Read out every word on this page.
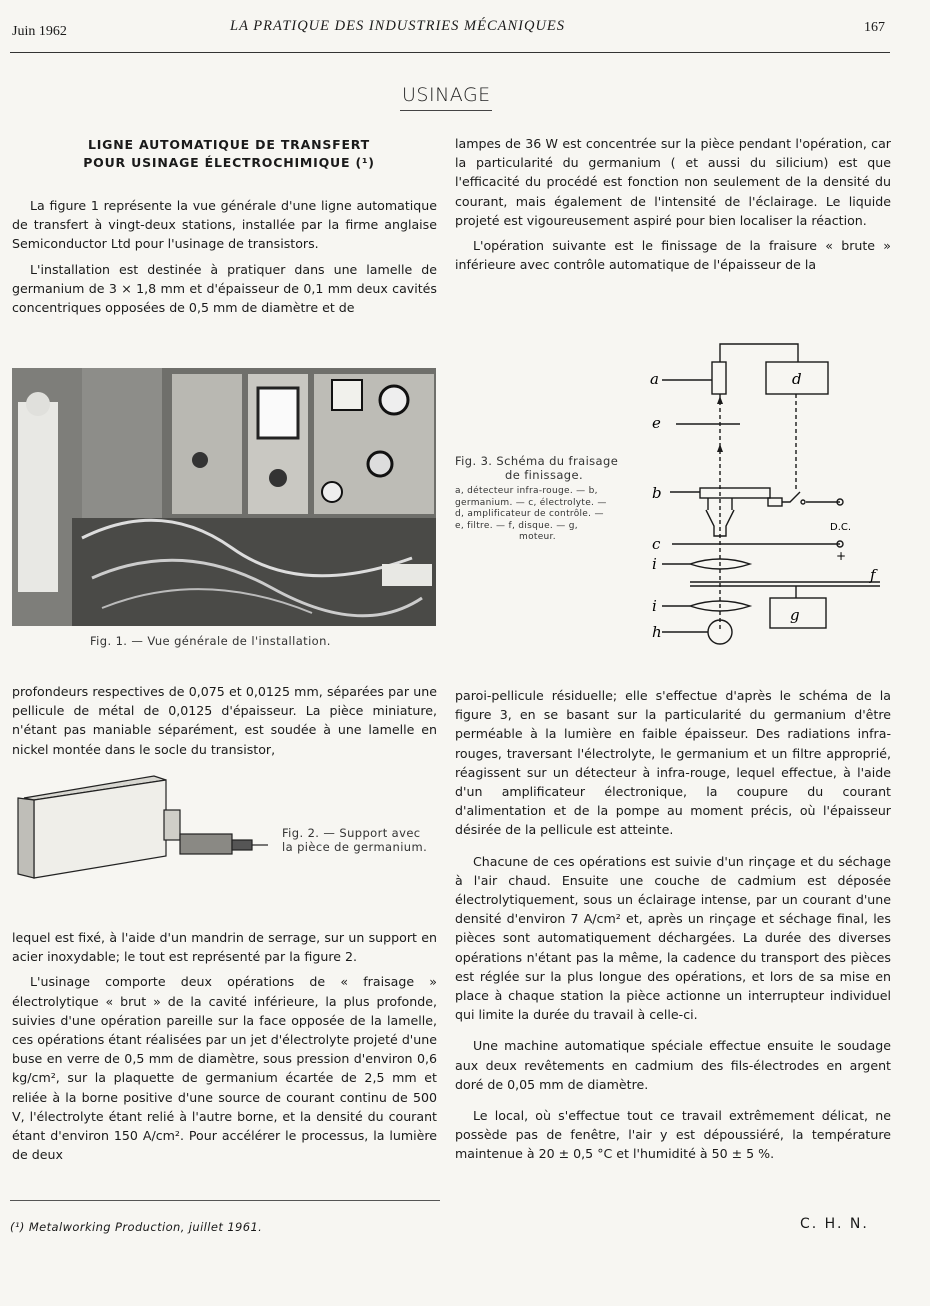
Juin 1962	LA PRATIQUE DES INDUSTRIES MÉCANIQUES	167
USINAGE
LIGNE AUTOMATIQUE DE TRANSFERT
POUR USINAGE ÉLECTROCHIMIQUE (¹)

La figure 1 représente la vue générale d'une ligne automatique de transfert à vingt-deux stations, installée par la firme anglaise Semiconductor Ltd pour l'usinage de transistors.

L'installation est destinée à pratiquer dans une lamelle de germanium de 3 × 1,8 mm et d'épaisseur de 0,1 mm deux cavités concentriques opposées de 0,5 mm de diamètre et de

lampes de 36 W est concentrée sur la pièce pendant l'opération, car la particularité du germanium ( et aussi du silicium) est que l'efficacité du procédé est fonction non seulement de la densité du courant, mais également de l'intensité de l'éclairage. Le liquide projeté est vigoureusement aspiré pour bien localiser la réaction.

L'opération suivante est le finissage de la fraisure « brute » inférieure avec contrôle automatique de l'épaisseur de la

Fig. 1. — Vue générale de l'installation.
Fig. 3. Schéma du fraisage
de finissage.
a, détecteur infra-rouge. — b,
germanium. — c, électrolyte. —
d, amplificateur de contrôle. —
e, filtre. — f, disque. — g,
moteur.
a	d
e
b
D.C.
+
c
i
f
g
i
h

profondeurs respectives de 0,075 et 0,0125 mm, séparées par une pellicule de métal de 0,0125 d'épaisseur. La pièce miniature, n'étant pas maniable séparément, est soudée à une lamelle en nickel montée dans le socle du transistor,

Fig. 2. — Support avec
la pièce de germanium.

lequel est fixé, à l'aide d'un mandrin de serrage, sur un support en acier inoxydable; le tout est représenté par la figure 2.

L'usinage comporte deux opérations de « fraisage » électrolytique « brut » de la cavité inférieure, la plus profonde, suivies d'une opération pareille sur la face opposée de la lamelle, ces opérations étant réalisées par un jet d'électrolyte projeté d'une buse en verre de 0,5 mm de diamètre, sous pression d'environ 0,6 kg/cm², sur la plaquette de germanium écartée de 2,5 mm et reliée à la borne positive d'une source de courant continu de 500 V, l'électrolyte étant relié à l'autre borne, et la densité du courant étant d'environ 150 A/cm². Pour accélérer le processus, la lumière de deux

paroi-pellicule résiduelle; elle s'effectue d'après le schéma de la figure 3, en se basant sur la particularité du germanium d'être perméable à la lumière en faible épaisseur. Des radiations infra-rouges, traversant l'électrolyte, le germanium et un filtre approprié, réagissent sur un détecteur à infra-rouge, lequel effectue, à l'aide d'un amplificateur électronique, la coupure du courant d'alimentation et de la pompe au moment précis, où l'épaisseur désirée de la pellicule est atteinte.

Chacune de ces opérations est suivie d'un rinçage et du séchage à l'air chaud. Ensuite une couche de cadmium est déposée électrolytiquement, sous un éclairage intense, par un courant d'une densité d'environ 7 A/cm² et, après un rinçage et séchage final, les pièces sont automatiquement déchargées. La durée des diverses opérations n'étant pas la même, la cadence du transport des pièces est réglée sur la plus longue des opérations, et lors de sa mise en place à chaque station la pièce actionne un interrupteur individuel qui limite la durée du travail à celle-ci.

Une machine automatique spéciale effectue ensuite le soudage aux deux revêtements en cadmium des fils-électrodes en argent doré de 0,05 mm de diamètre.

Le local, où s'effectue tout ce travail extrêmement délicat, ne possède pas de fenêtre, l'air y est dépoussiéré, la température maintenue à 20 ± 0,5 °C et l'humidité à 50 ± 5 %.

(¹) Metalworking Production, juillet 1961.	C. H. N.
